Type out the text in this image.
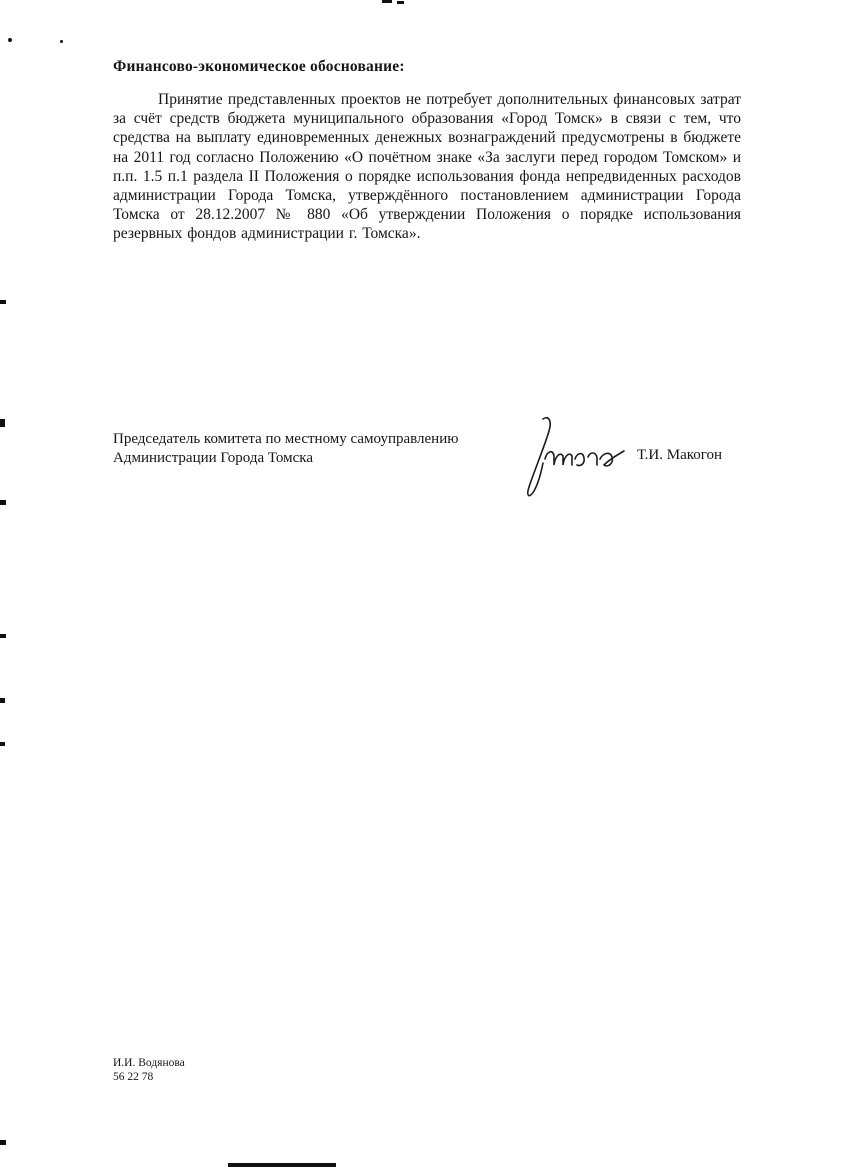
Финансово-экономическое обоснование:

Принятие представленных проектов не потребует дополнительных финансовых затрат за счёт средств бюджета муниципального образования «Город Томск» в связи с тем, что средства на выплату единовременных денежных вознаграждений предусмотрены в бюджете на 2011 год согласно Положению «О почётном знаке «За заслуги перед городом Томском» и п.п. 1.5 п.1 раздела II Положения о порядке использования фонда непредвиденных расходов администрации Города Томска, утверждённого постановлением администрации Города Томска от 28.12.2007 № 880 «Об утверждении Положения о порядке использования резервных фондов администрации г. Томска».

Председатель комитета по местному самоуправлению
Администрации Города Томска	Т.И. Макогон
И.И. Водянова
56 22 78
